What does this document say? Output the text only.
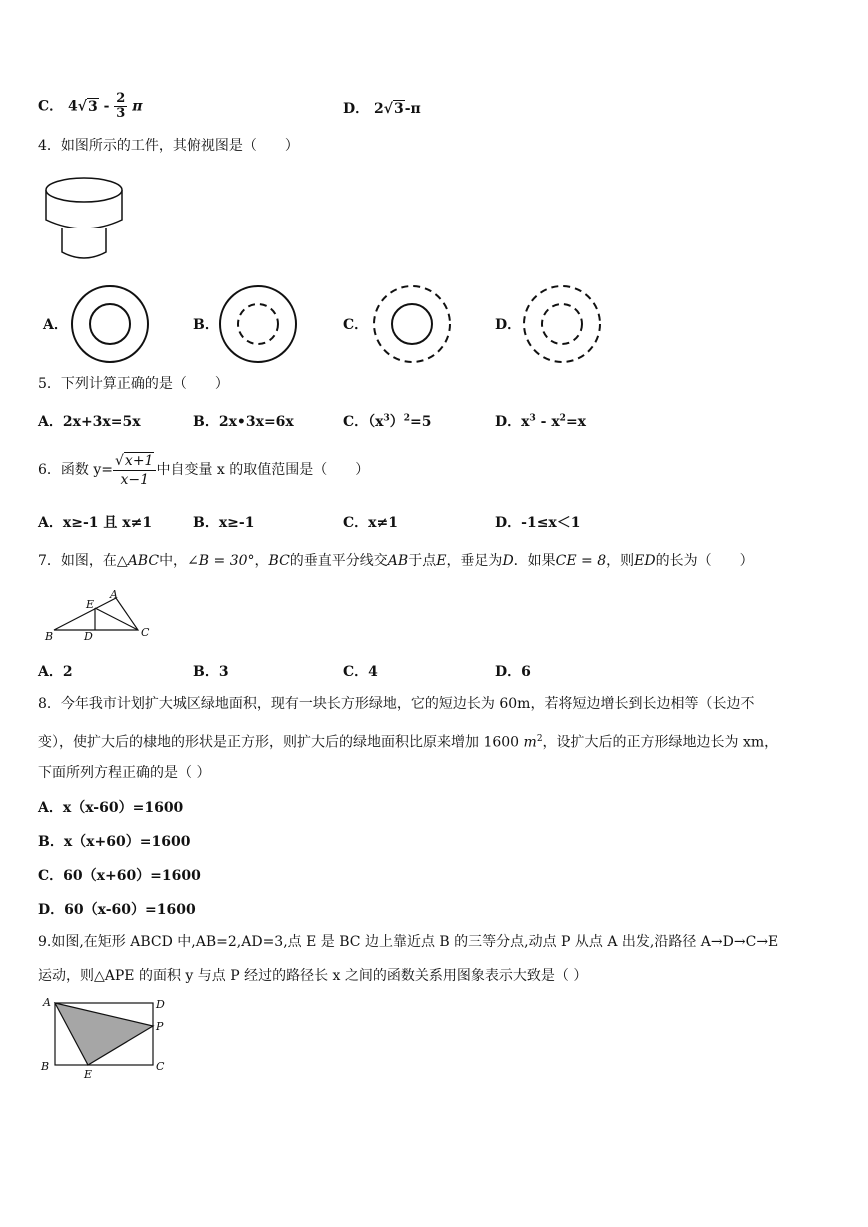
C． $4√3 - \frac{2}{3}$ π	D． 2√3-π
4．如图所示的工件，其俯视图是（　　）
A．	B．	C．	D．
5．下列计算正确的是（　　）
A．2x+3x=5x	B．2x•3x=6x	C．$(x^3)^2=5$	D．$x^3 - x^2=x$
6．函数 $y= \frac{√x+1}{x-1}$ 中自变量 x 的取值范围是（　　）
A．x≥-1 且 x≠1	B．x≥-1	C．x≠1	D．-1≤x＜1
7．如图，在△ABC中，∠B = 30°，BC的垂直平分线交AB于点E，垂足为D．如果CE = 8，则ED的长为（　　）
A
E
B	D	C
A．2	B．3	C．4	D．6
8．今年我市计划扩大城区绿地面积，现有一块长方形绿地，它的短边长为 60m，若将短边增长到长边相等（长边不
变），使扩大后的棣地的形状是正方形，则扩大后的绿地面积比原来增加 1600 $m^2$，设扩大后的正方形绿地边长为 xm，
下面所列方程正确的是（ ）
A．x（x-60）=1600
B．x（x+60）=1600
C．60（x+60）=1600
D．60（x-60）=1600
9.如图,在矩形 ABCD 中,AB=2,AD=3,点 E 是 BC 边上靠近点 B 的三等分点,动点 P 从点 A 出发,沿路径 A→D→C→E
运动，则△APE 的面积 y 与点 P 经过的路径长 x 之间的函数关系用图象表示大致是（ ）
A	D
P
B	C
E
